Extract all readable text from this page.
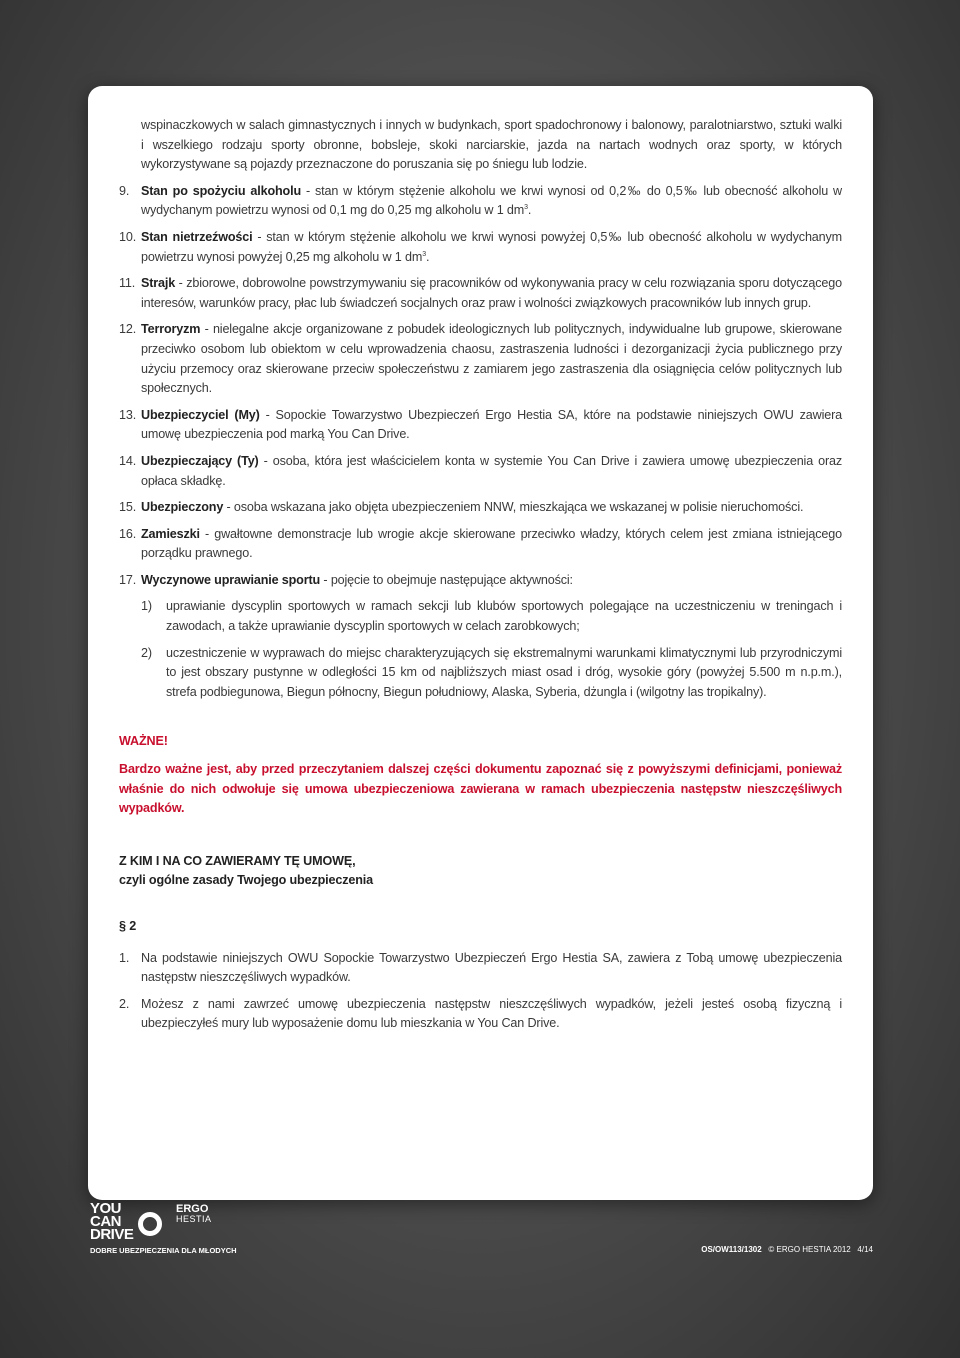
wspinaczkowych w salach gimnastycznych i innych w budynkach, sport spadochronowy i balonowy, paralotniarstwo, sztuki walki i wszelkiego rodzaju sporty obronne, bobsleje, skoki narciarskie, jazda na nartach wodnych oraz sporty, w których wykorzystywane są pojazdy przeznaczone do poruszania się po śniegu lub lodzie.

9. Stan po spożyciu alkoholu - stan w którym stężenie alkoholu we krwi wynosi od 0,2‰ do 0,5‰ lub obecność alkoholu w wydychanym powietrzu wynosi od 0,1 mg do 0,25 mg alkoholu w 1 $dm^3$.
10. Stan nietrzeźwości - stan w którym stężenie alkoholu we krwi wynosi powyżej 0,5‰ lub obecność alkoholu w wydychanym powietrzu wynosi powyżej 0,25 mg alkoholu w 1 $dm^3$.
11. Strajk - zbiorowe, dobrowolne powstrzymywaniu się pracowników od wykonywania pracy w celu rozwiązania sporu dotyczącego interesów, warunków pracy, płac lub świadczeń socjalnych oraz praw i wolności związkowych pracowników lub innych grup.
12. Terroryzm - nielegalne akcje organizowane z pobudek ideologicznych lub politycznych, indywidualne lub grupowe, skierowane przeciwko osobom lub obiektom w celu wprowadzenia chaosu, zastraszenia ludności i dezorganizacji życia publicznego przy użyciu przemocy oraz skierowane przeciw społeczeństwu z zamiarem jego zastraszenia dla osiągnięcia celów politycznych lub społecznych.
13. Ubezpieczyciel (My) - Sopockie Towarzystwo Ubezpieczeń Ergo Hestia SA, które na podstawie niniejszych OWU zawiera umowę ubezpieczenia pod marką You Can Drive.
14. Ubezpieczający (Ty) - osoba, która jest właścicielem konta w systemie You Can Drive i zawiera umowę ubezpieczenia oraz opłaca składkę.
15. Ubezpieczony - osoba wskazana jako objęta ubezpieczeniem NNW, mieszkająca we wskazanej w polisie nieruchomości.
16. Zamieszki - gwałtowne demonstracje lub wrogie akcje skierowane przeciwko władzy, których celem jest zmiana istniejącego porządku prawnego.
17. Wyczynowe uprawianie sportu - pojęcie to obejmuje następujące aktywności:
1)	uprawianie dyscyplin sportowych w ramach sekcji lub klubów sportowych polegające na uczestniczeniu w treningach i zawodach, a także uprawianie dyscyplin sportowych w celach zarobkowych;
2)	uczestniczenie w wyprawach do miejsc charakteryzujących się ekstremalnymi warunkami klimatycznymi lub przyrodniczymi to jest obszary pustynne w odległości 15 km od najbliższych miast osad i dróg, wysokie góry (powyżej 5.500 m n.p.m.), strefa podbiegunowa, Biegun północny, Biegun południowy, Alaska, Syberia, dżungla i (wilgotny las tropikalny).

WAŻNE!

Bardzo ważne jest, aby przed przeczytaniem dalszej części dokumentu zapoznać się z powyższymi definicjami, ponieważ właśnie do nich odwołuje się umowa ubezpieczeniowa zawierana w ramach ubezpieczenia następstw nieszczęśliwych wypadków.

Z KIM I NA CO ZAWIERAMY TĘ UMOWĘ,

czyli ogólne zasady Twojego ubezpieczenia

§ 2

1. Na podstawie niniejszych OWU Sopockie Towarzystwo Ubezpieczeń Ergo Hestia SA, zawiera z Tobą umowę ubezpieczenia następstw nieszczęśliwych wypadków.
2. Możesz z nami zawrzeć umowę ubezpieczenia następstw nieszczęśliwych wypadków, jeżeli jesteś osobą fizyczną i ubezpieczyłeś mury lub wyposażenie domu lub mieszkania w You Can Drive.
YOU
CAN
DRIVE
ERGO
HESTIA
DOBRE UBEZPIECZENIA DLA MŁODYCH	OS/OW113/1302 © ERGO HESTIA 2012 4/14
